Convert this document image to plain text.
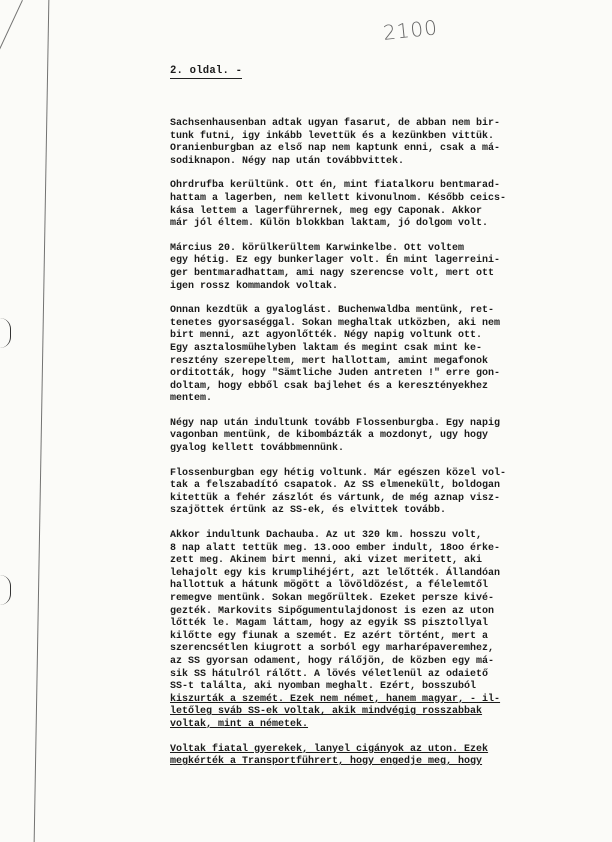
2100
2. oldal. -
Sachsenhausenban adtak ugyan fasarut, de abban nem bir-
tunk futni, igy inkább levettük és a kezünkben vittük.
Oranienburgban az első nap nem kaptunk enni, csak a má-
sodiknapon. Négy nap után továbbvittek.
Ohrdrufba kerültünk. Ott én, mint fiatalkoru bentmarad-
hattam a lagerben, nem kellett kivonulnom. Később ceics-
kása lettem a lagerführernek, meg egy Caponak. Akkor
már jól éltem. Külön blokkban laktam, jó dolgom volt.
Március 20. körülkerültem Karwinkelbe. Ott voltem
egy hétig. Ez egy bunkerlager volt. Én mint lagerreini-
ger bentmaradhattam, ami nagy szerencse volt, mert ott
igen rossz kommandok voltak.
Onnan kezdtük a gyaloglást. Buchenwaldba mentünk, ret-
tenetes gyorsaséggal. Sokan meghaltak utközben, aki nem
birt menni, azt agyonlőtték. Négy napig voltunk ott.
Egy asztalosmühelyben laktam és megint csak mint ke-
resztény szerepeltem, mert hallottam, amint megafonok
orditották, hogy "Sämtliche Juden antreten !" erre gon-
doltam, hogy ebből csak bajlehet és a keresztényekhez
mentem.
Négy nap után indultunk tovább Flossenburgba. Egy napig
vagonban mentünk, de kibombázták a mozdonyt, ugy hogy
gyalog kellett továbbmennünk.
Flossenburgban egy hétig voltunk. Már egészen közel vol-
tak a felszabadító csapatok. Az SS elmenekült, boldogan
kitettük a fehér zászlót és vártunk, de még aznap visz-
szajöttek értünk az SS-ek, és elvittek tovább.
Akkor indultunk Dachauba. Az ut 320 km. hosszu volt,
8 nap alatt tettük meg. 13.ooo ember indult, 18oo érke-
zett meg. Akinem birt menni, aki vizet meritett, aki
lehajolt egy kis krumplihéjért, azt lelőtték. Állandóan
hallottuk a hátunk mögött a lövöldözést, a félelemtől
remegve mentünk. Sokan megőrültek. Ezeket persze kivé-
gezték. Markovits Sipőgumentulajdonost is ezen az uton
lőtték le. Magam láttam, hogy az egyik SS pisztollyal
kilőtte egy fiunak a szemét. Ez azért történt, mert a
szerencsétlen kiugrott a sorból egy marharépaveremhez,
az SS gyorsan odament, hogy rálőjön, de közben egy má-
sik SS hátulról rálőtt. A lövés véletlenül az odaiető
SS-t találta, aki nyomban meghalt. Ezért, bosszuból
kiszurták a szemét. Ezek nem német, hanem magyar, - il-
letőleg sváb SS-ek voltak, akik mindvégig rosszabbak
voltak, mint a németek.
Voltak fiatal gyerekek, lanyel cigányok az uton. Ezek
megkérték a Transportführert, hogy engedje meg, hogy
